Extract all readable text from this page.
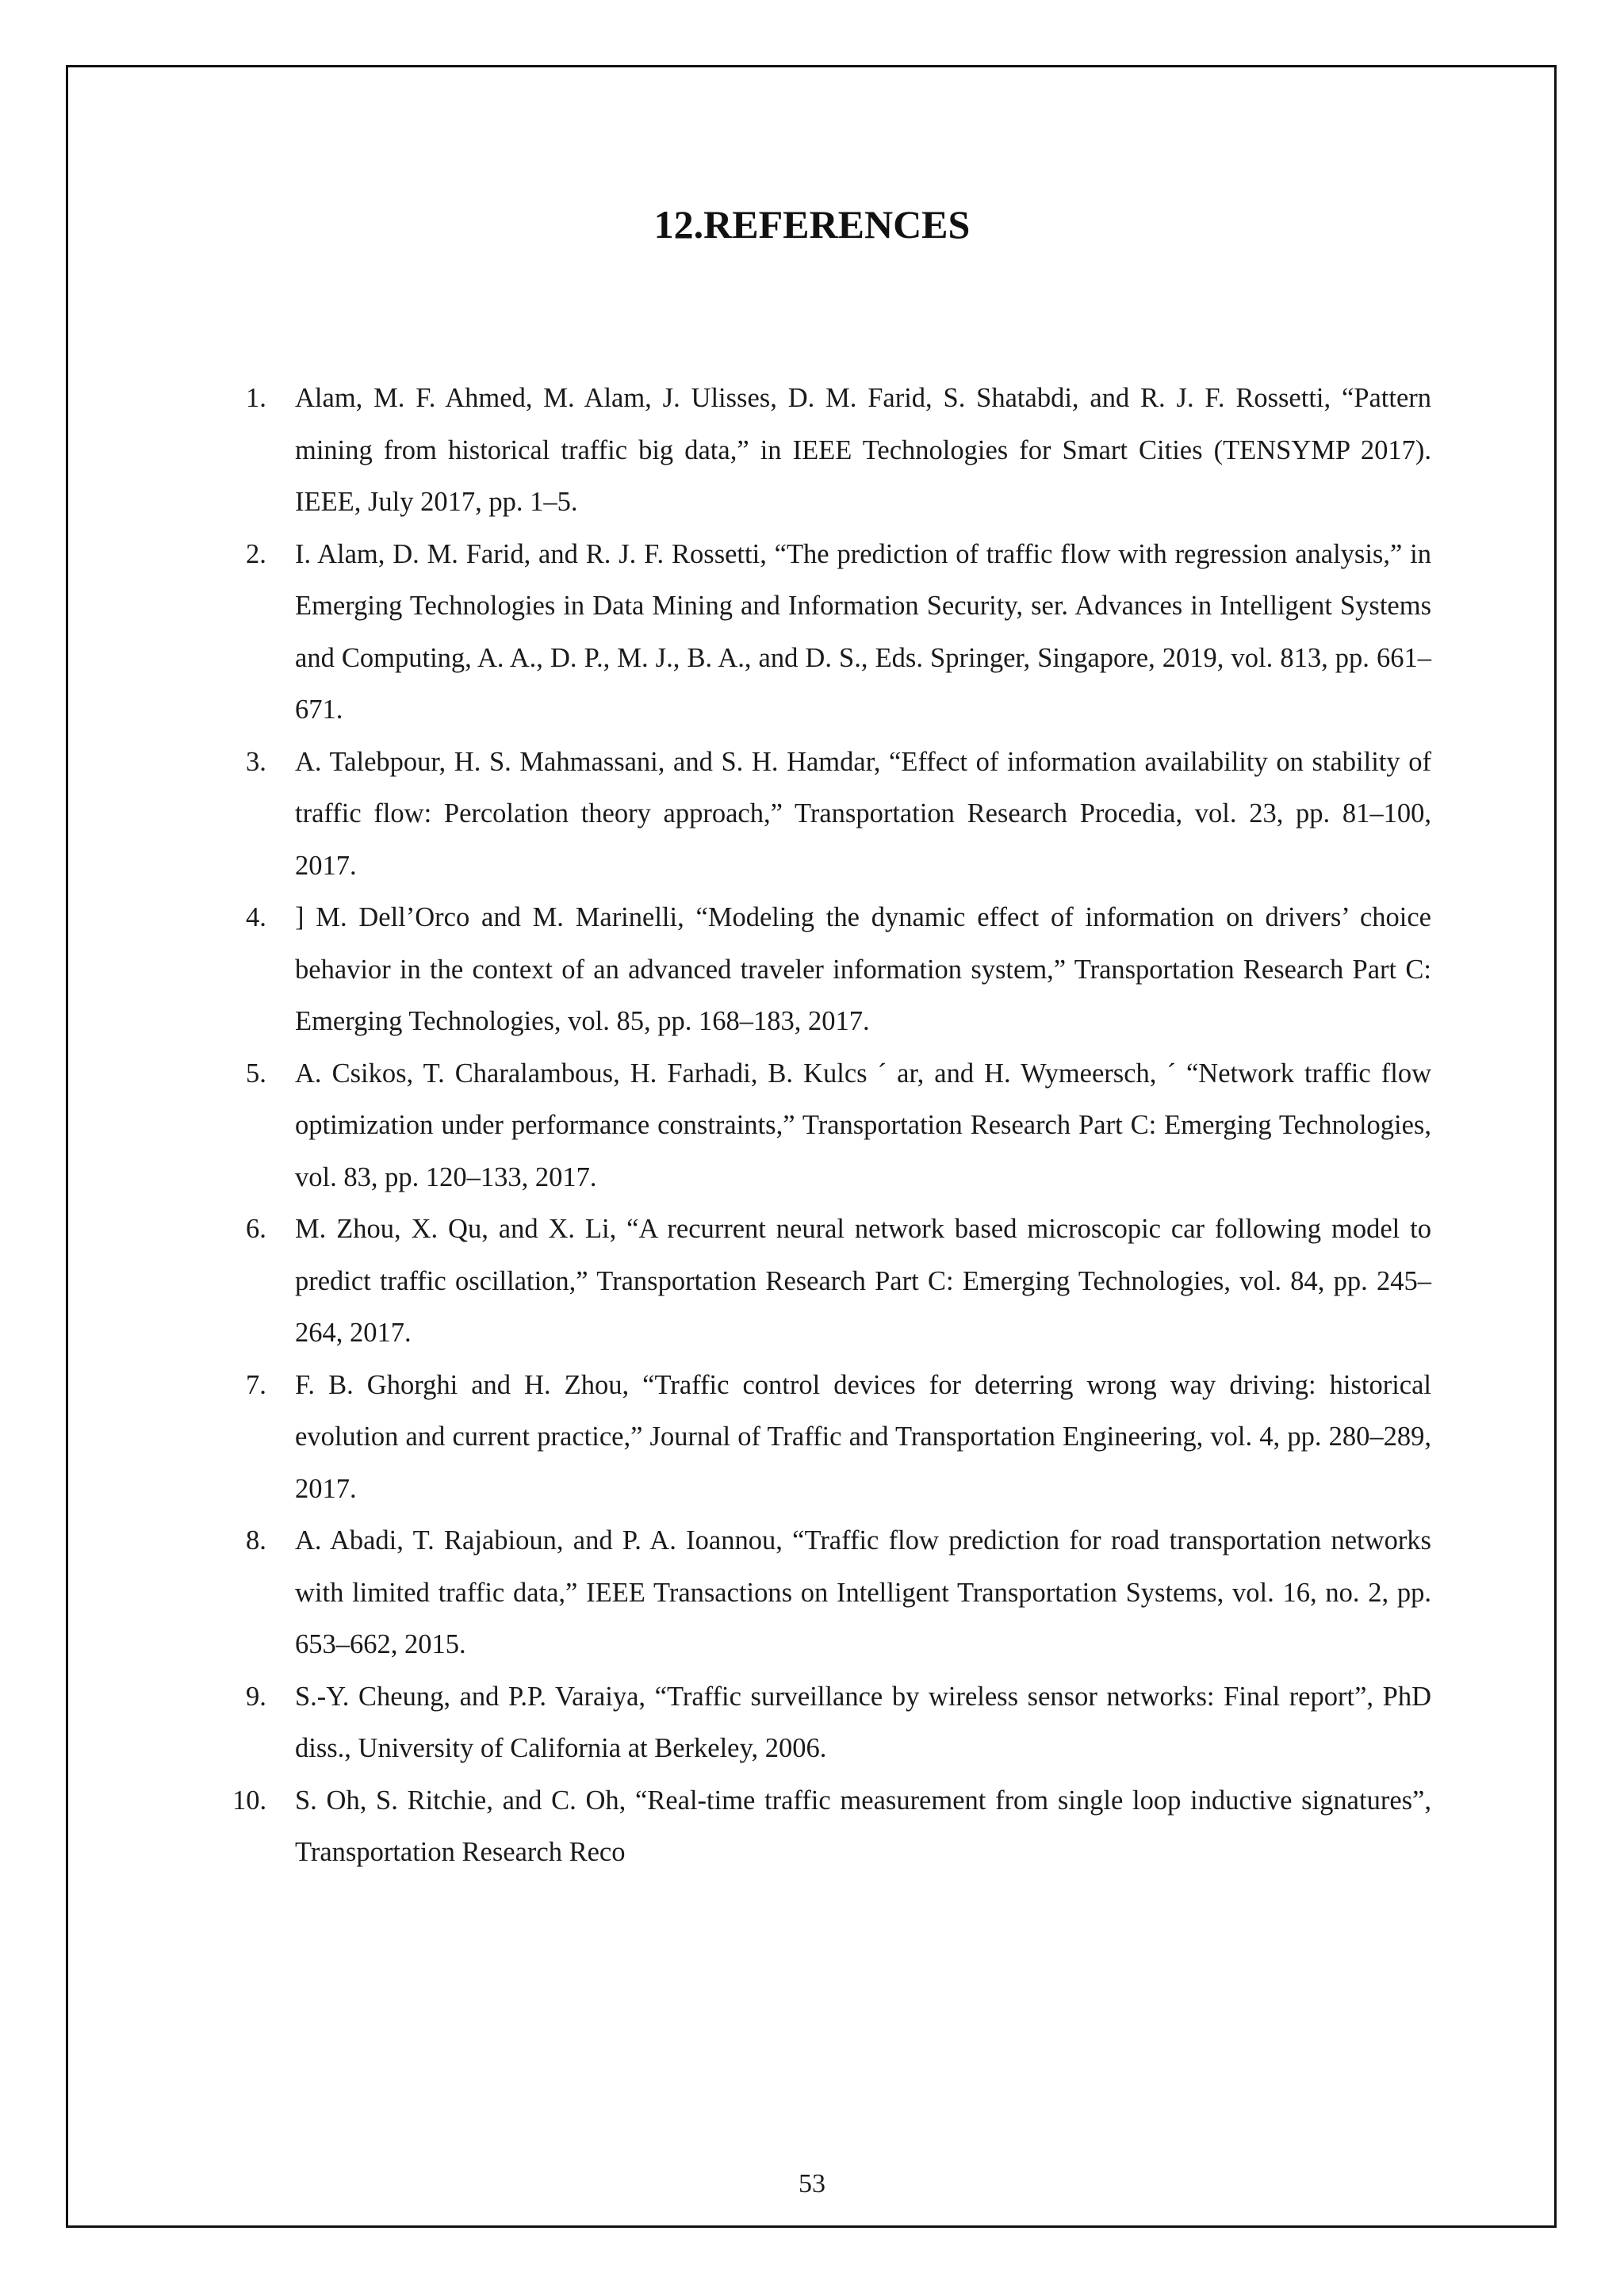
12.REFERENCES
1. Alam, M. F. Ahmed, M. Alam, J. Ulisses, D. M. Farid, S. Shatabdi, and R. J. F. Rossetti, “Pattern mining from historical traffic big data,” in IEEE Technologies for Smart Cities (TENSYMP 2017). IEEE, July 2017, pp. 1–5.
2. I. Alam, D. M. Farid, and R. J. F. Rossetti, “The prediction of traffic flow with regression analysis,” in Emerging Technologies in Data Mining and Information Security, ser. Advances in Intelligent Systems and Computing, A. A., D. P., M. J., B. A., and D. S., Eds. Springer, Singapore, 2019, vol. 813, pp. 661–671.
3. A. Talebpour, H. S. Mahmassani, and S. H. Hamdar, “Effect of information availability on stability of traffic flow: Percolation theory approach,” Transportation Research Procedia, vol. 23, pp. 81–100, 2017.
4. ] M. Dell’Orco and M. Marinelli, “Modeling the dynamic effect of information on drivers’ choice behavior in the context of an advanced traveler information system,” Transportation Research Part C: Emerging Technologies, vol. 85, pp. 168–183, 2017.
5. A. Csikos, T. Charalambous, H. Farhadi, B. Kulcs ´ ar, and H. Wymeersch, ´ “Network traffic flow optimization under performance constraints,” Transportation Research Part C: Emerging Technologies, vol. 83, pp. 120–133, 2017.
6. M. Zhou, X. Qu, and X. Li, “A recurrent neural network based microscopic car following model to predict traffic oscillation,” Transportation Research Part C: Emerging Technologies, vol. 84, pp. 245–264, 2017.
7. F. B. Ghorghi and H. Zhou, “Traffic control devices for deterring wrong way driving: historical evolution and current practice,” Journal of Traffic and Transportation Engineering, vol. 4, pp. 280–289, 2017.
8. A. Abadi, T. Rajabioun, and P. A. Ioannou, “Traffic flow prediction for road transportation networks with limited traffic data,” IEEE Transactions on Intelligent Transportation Systems, vol. 16, no. 2, pp. 653–662, 2015.
9. S.-Y. Cheung, and P.P. Varaiya, “Traffic surveillance by wireless sensor networks: Final report”, PhD diss., University of California at Berkeley, 2006.
10. S. Oh, S. Ritchie, and C. Oh, “Real-time traffic measurement from single loop inductive signatures”, Transportation Research Reco
53
